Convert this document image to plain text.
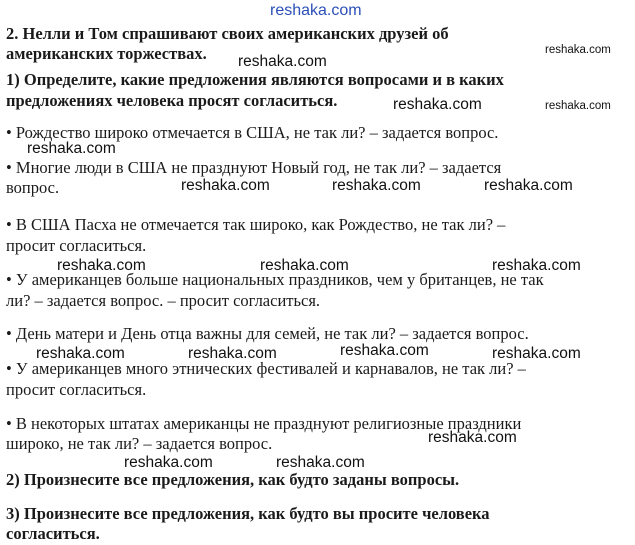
2. Нелли и Том спрашивают своих американских друзей об
американских торжествах.
1) Определите, какие предложения являются вопросами и в каких
предложениях человека просят согласиться.
• Рождество широко отмечается в США, не так ли? – задается вопрос.
• Многие люди в США не празднуют Новый год, не так ли? – задается
вопрос.
• В США Пасха не отмечается так широко, как Рождество, не так ли? –
просит согласиться.
• У американцев больше национальных праздников, чем у британцев, не так
ли? – задается вопрос. – просит согласиться.
• День матери и День отца важны для семей, не так ли? – задается вопрос.
• У американцев много этнических фестивалей и карнавалов, не так ли? –
просит согласиться.
• В некоторых штатах американцы не празднуют религиозные праздники
широко, не так ли? – задается вопрос.
2) Произнесите все предложения, как будто заданы вопросы.
3) Произнесите все предложения, как будто вы просите человека
согласиться.
reshaka.com
reshaka.com
reshaka.com
reshaka.com	reshaka.com
reshaka.com
reshaka.com	reshaka.com	reshaka.com
reshaka.com	reshaka.com	reshaka.com
reshaka.com
reshaka.com	reshaka.com	reshaka.com
reshaka.com
reshaka.com	reshaka.com
